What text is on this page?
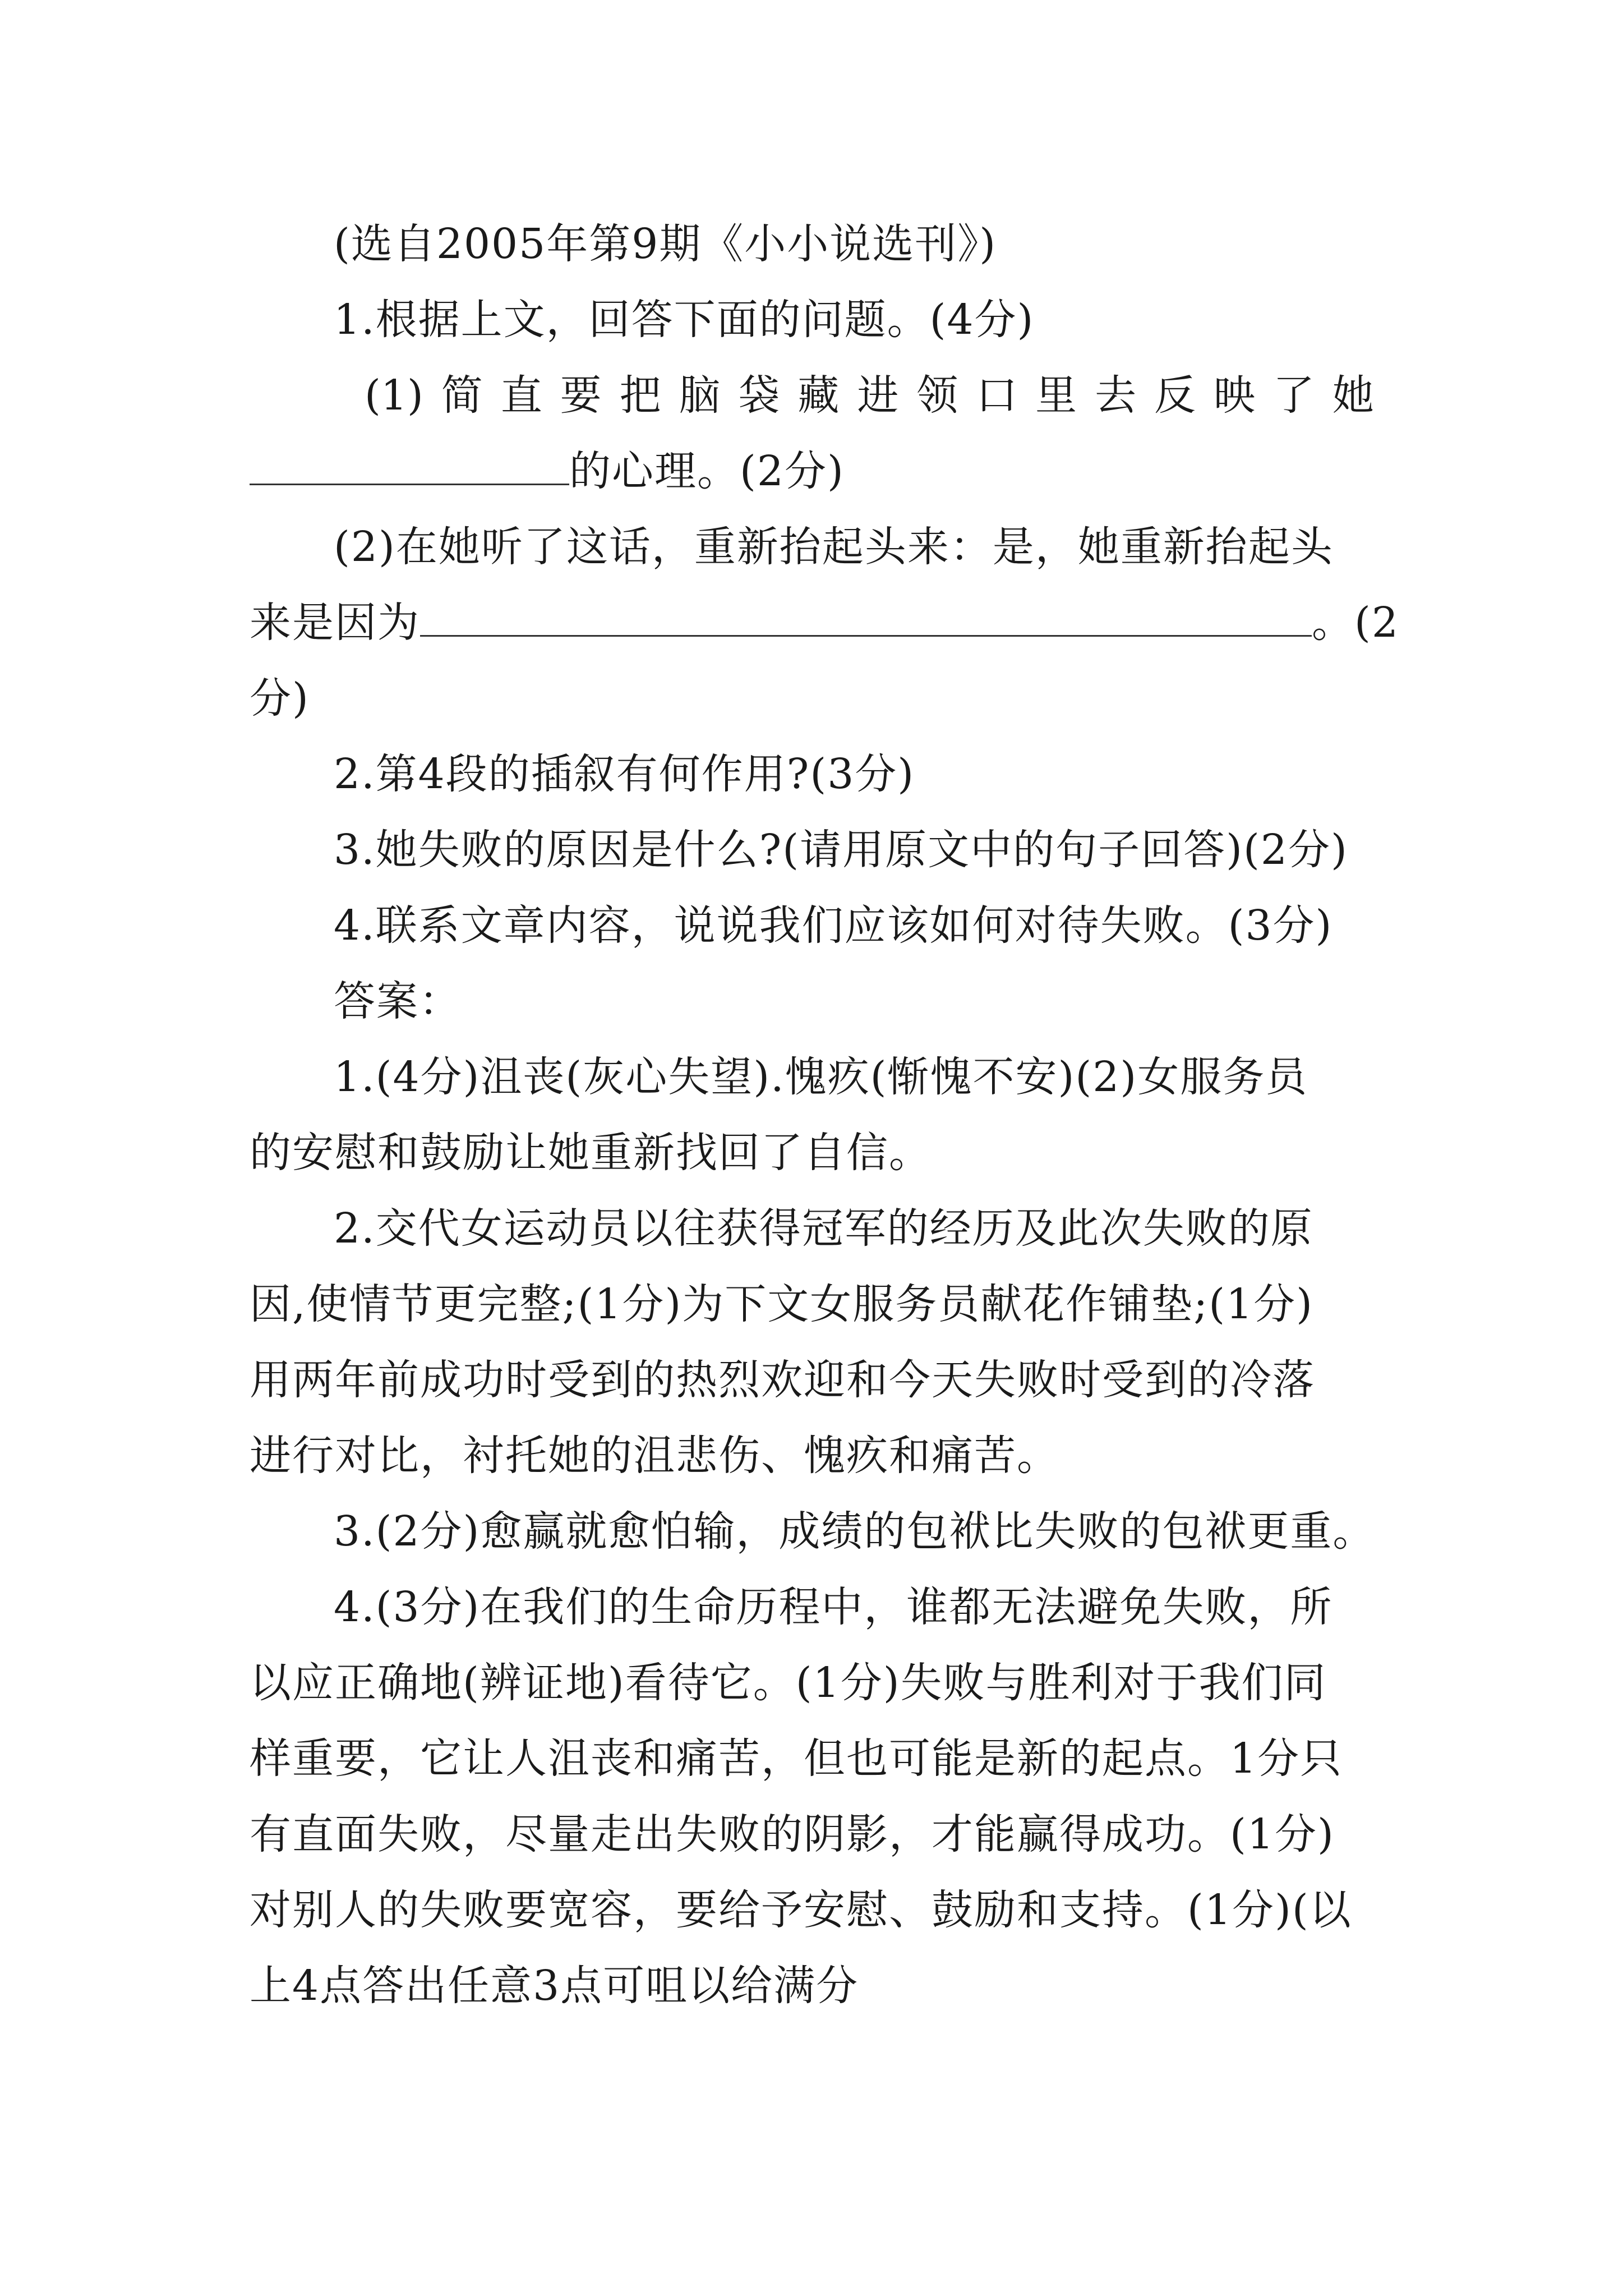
(选自2005年第9期《小小说选刊》)
1.根据上文，回答下面的问题。(4分)
(1) 简 直 要 把 脑 袋 藏 进 领 口 里 去 反 映 了 她
的心理。(2分)
(2)在她听了这话，重新抬起头来：是，她重新抬起头
来是因为	。(2
分)
2.第4段的插叙有何作用?(3分)
3.她失败的原因是什么?(请用原文中的句子回答)(2分)
4.联系文章内容，说说我们应该如何对待失败。(3分)
答案：
1.(4分)沮丧(灰心失望).愧疚(惭愧不安)(2)女服务员
的安慰和鼓励让她重新找回了自信。
2.交代女运动员以往获得冠军的经历及此次失败的原
因,使情节更完整;(1分)为下文女服务员献花作铺垫;(1分)
用两年前成功时受到的热烈欢迎和今天失败时受到的冷落
进行对比，衬托她的沮悲伤、愧疚和痛苦。
3.(2分)愈赢就愈怕输，成绩的包袱比失败的包袱更重。
4.(3分)在我们的生命历程中，谁都无法避免失败，所
以应正确地(辨证地)看待它。(1分)失败与胜利对于我们同
样重要，它让人沮丧和痛苦，但也可能是新的起点。1分只
有直面失败，尽量走出失败的阴影，才能赢得成功。(1分)
对别人的失败要宽容，要给予安慰、鼓励和支持。(1分)(以
上4点答出任意3点可咀以给满分
